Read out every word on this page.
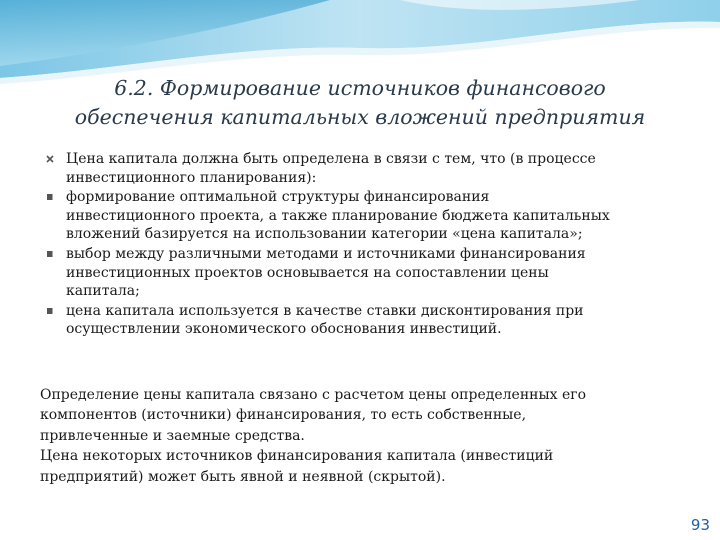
6.2. Формирование источников финансового
обеспечения капитальных вложений предприятия
Цена капитала должна быть определена в связи с тем, что (в процессе
инвестиционного планирования):
формирование оптимальной структуры финансирования
инвестиционного проекта, а также планирование бюджета капитальных
вложений базируется на использовании категории «цена капитала»;
выбор между различными методами и источниками финансирования
инвестиционных проектов основывается на сопоставлении цены
капитала;
цена капитала используется в качестве ставки дисконтирования при
осуществлении экономического обоснования инвестиций.
Определение цены капитала связано с расчетом цены определенных его
компонентов (источники) финансирования, то есть собственные,
привлеченные и заемные средства.
Цена некоторых источников финансирования капитала (инвестиций
предприятий) может быть явной и неявной (скрытой).
93
